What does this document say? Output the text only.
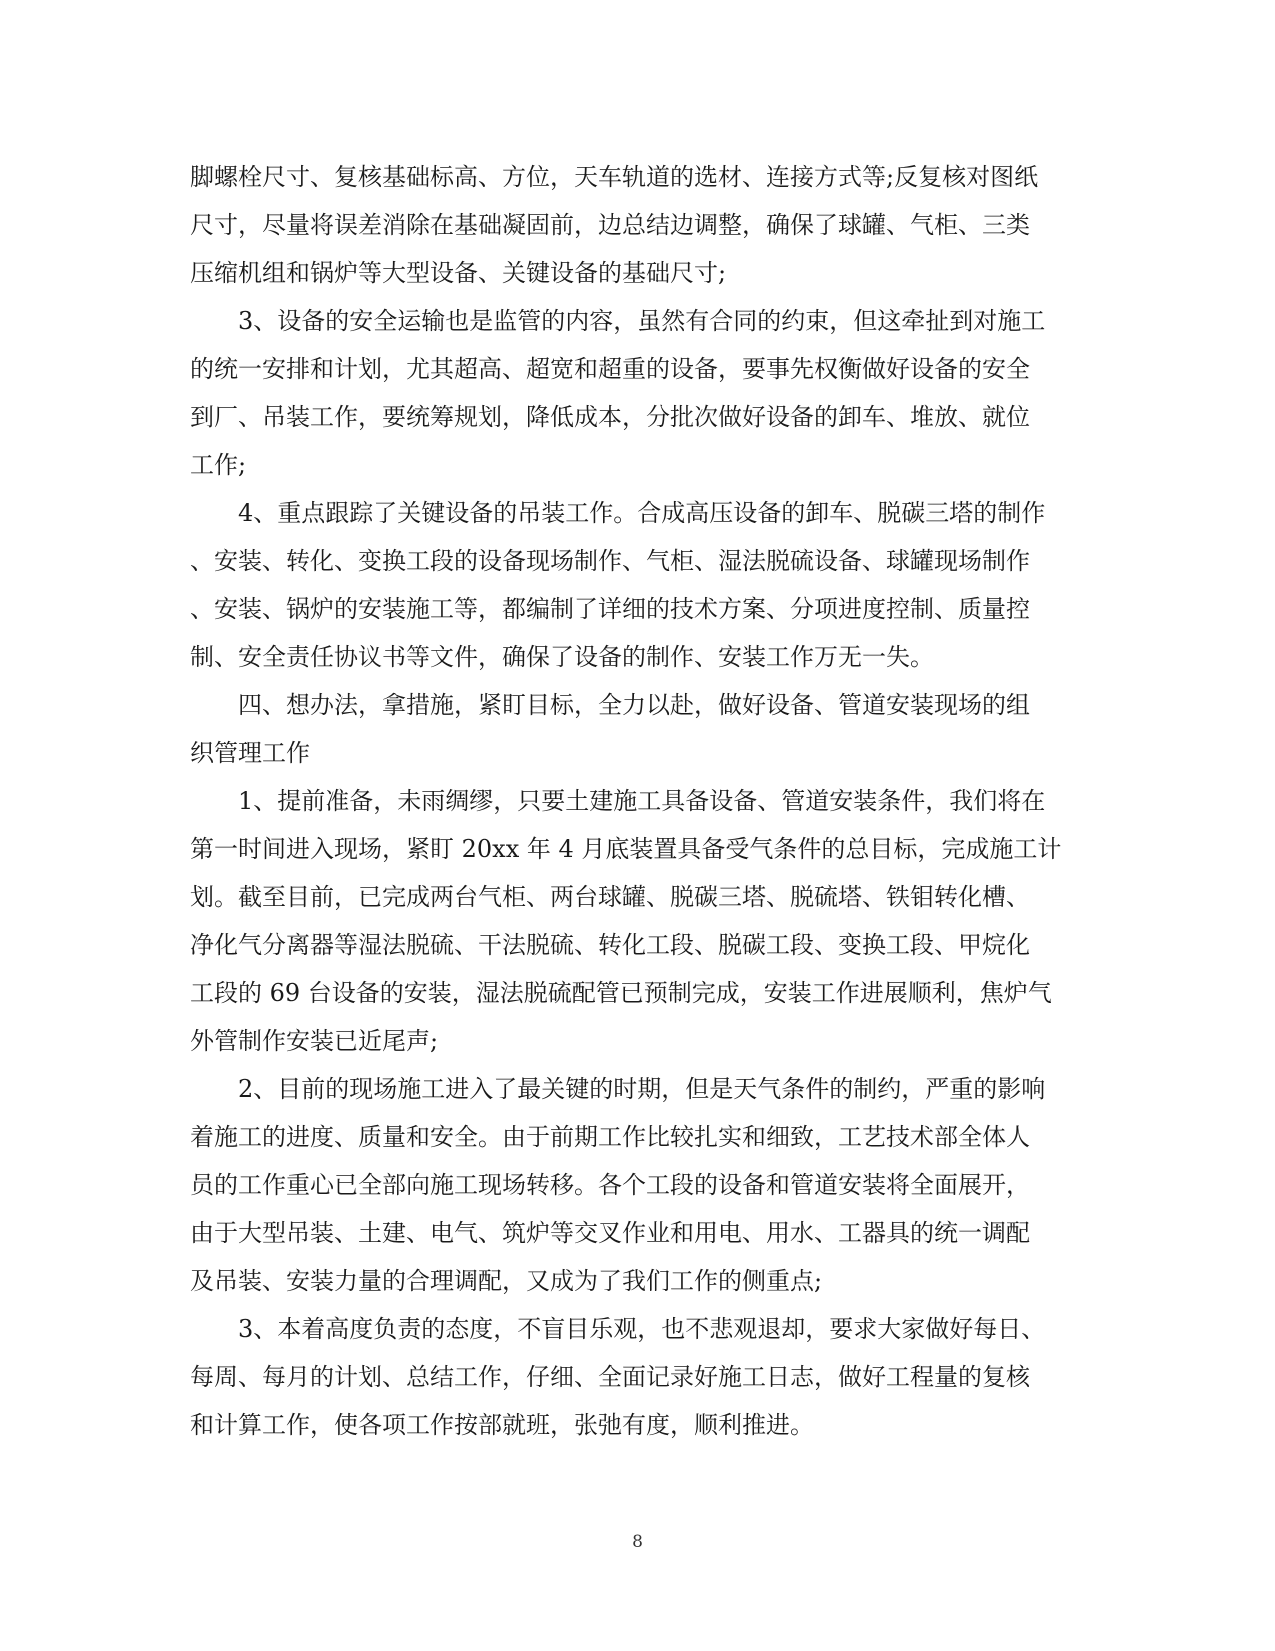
脚螺栓尺寸、复核基础标高、方位，天车轨道的选材、连接方式等;反复核对图纸
尺寸，尽量将误差消除在基础凝固前，边总结边调整，确保了球罐、气柜、三类
压缩机组和锅炉等大型设备、关键设备的基础尺寸;
3、设备的安全运输也是监管的内容，虽然有合同的约束，但这牵扯到对施工
的统一安排和计划，尤其超高、超宽和超重的设备，要事先权衡做好设备的安全
到厂、吊装工作，要统筹规划，降低成本，分批次做好设备的卸车、堆放、就位
工作;
4、重点跟踪了关键设备的吊装工作。合成高压设备的卸车、脱碳三塔的制作
、安装、转化、变换工段的设备现场制作、气柜、湿法脱硫设备、球罐现场制作
、安装、锅炉的安装施工等，都编制了详细的技术方案、分项进度控制、质量控
制、安全责任协议书等文件，确保了设备的制作、安装工作万无一失。
四、想办法，拿措施，紧盯目标，全力以赴，做好设备、管道安装现场的组
织管理工作
1、提前准备，未雨绸缪，只要土建施工具备设备、管道安装条件，我们将在
第一时间进入现场，紧盯 20xx 年 4 月底装置具备受气条件的总目标，完成施工计
划。截至目前，已完成两台气柜、两台球罐、脱碳三塔、脱硫塔、铁钼转化槽、
净化气分离器等湿法脱硫、干法脱硫、转化工段、脱碳工段、变换工段、甲烷化
工段的 69 台设备的安装，湿法脱硫配管已预制完成，安装工作进展顺利，焦炉气
外管制作安装已近尾声;
2、目前的现场施工进入了最关键的时期，但是天气条件的制约，严重的影响
着施工的进度、质量和安全。由于前期工作比较扎实和细致，工艺技术部全体人
员的工作重心已全部向施工现场转移。各个工段的设备和管道安装将全面展开，
由于大型吊装、土建、电气、筑炉等交叉作业和用电、用水、工器具的统一调配
及吊装、安装力量的合理调配，又成为了我们工作的侧重点;
3、本着高度负责的态度，不盲目乐观，也不悲观退却，要求大家做好每日、
每周、每月的计划、总结工作，仔细、全面记录好施工日志，做好工程量的复核
和计算工作，使各项工作按部就班，张弛有度，顺利推进。
8
